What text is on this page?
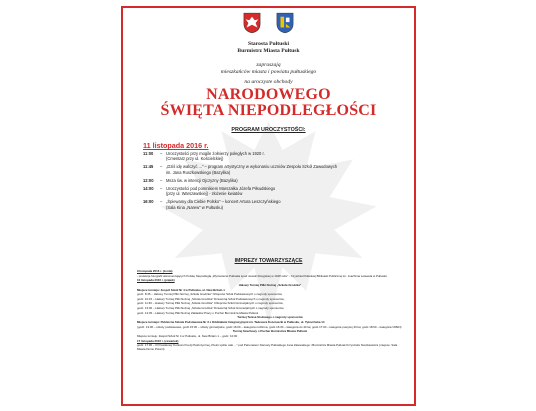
Starosta Pułtuski
Burmistrz Miasta Pułtusk
zapraszają
mieszkańców miasta i powiatu pułtuskiego
na uroczyste obchody
NARODOWEGO
ŚWIĘTA NIEPODLEGŁOŚCI
PROGRAM UROCZYSTOŚCI:
11 listopada 2016 r.
11:00	– Uroczystości przy mogile żołnierzy poległych w 1920 r.
(Cmentarz przy ul. Kościelckiej)
11:45	– „Dziś idę walczyć ..." – program artystyczny w wykonaniu uczniów Zespołu Szkół Zawodowych
im. Jana Ruszkowskiego (Bazylika)
12:00	– Msza św. w intencji Ojczyzny (Bazylika)
14:00	– Uroczystości pod pomnikiem Marszałka Józefa Piłsudskiego
(przy ul. Warszawskiej) - złożenie kwiatów
16:00	– „Śpiewamy dla Ciebie Polsko" – koncert Artura Leszczyńskiego
(Sala Kina „Narew" w Pułtusku)
IMPREZY TOWARZYSZĄCE

9 listopada 2016 r. (środa)

- prelekcja fotografii dokumentujących Polskę Niepodległą „Wyzwolenie Pułtuska spod niewoli Rosyjskiej w 1918 roku" - Czytelnia Pułtuskiej Biblioteki Publicznej im. Joachima Lelewela w Pułtusku

10 listopada 2016 r. (piątek)

Halowy Turniej Piłki Nożnej „Szkoła Grodzka"

Miejsce turnieju: Zespół Szkół Nr 4 w Pułtusku, ul. New Britain 1

godz. 8:45 – Halowy Turniej Piłki Nożnej „Szkoła Grodzka" Chłopców Szkół Podstawowych o nagrody sponsorów,

godz. 10:15 – Halowy Turniej Piłki Nożnej „Szkoła Grodzka" Dziewcząt Szkół Podstawowych o nagrody sponsorów,

godz. 11:30 – Halowy Turniej Piłki Nożnej „Szkoła Grodzka" Chłopców Szkół Gimnazjalnych o nagrody sponsorów,

godz. 13:00 – Halowy Turniej Piłki Nożnej „Szkoła Grodzka" Dziewcząt Szkół Gimnazjalnych o nagrody sponsorów,

godz. 14:45 – Halowy Turniej Piłki Nożnej Zakładów Pracy o Puchar Burmistrza Miasta Pułtusk

Turniej Tenisa Stołowego o nagrody sponsorów

Miejsce turnieju: Publiczna Szkoła Podstawowa Nr 3 z Oddziałami Integracyjnymi im. Tadeusza Kościuszki w Pułtusku, ul. Tykocińska 14

(godz. 13:00 – szkoły podstawowe, godz.15:30 – szkoły gimnazjalne, godz.16:00 – kategoria rodzinna, godz.16:30 – kategoria do 40 lat, godz.17:00 – kategoria powyżej 40 lat, godz.18:00 – kategoria OPEN)

Turniej Szachowy o Puchar Burmistrza Miasta Pułtusk

Miejsce turnieju: Zespół Szkół Nr 4 w Pułtusku, ul. New Britain 1 – godz. 10:00

17 listopada 2016 r. (czwartek)

godz. 17:00 – III Powiatowy Konkurs Poezji Patriotycznej „Pieśń ujdzie cało ..." pod Patronatem Starosty Pułtuskiego Jana Zalewskiego i Burmistrza Miasta Pułtusk Krzysztofa Nuszkiewicza (miejsce: Sala Miasta Domu Polonii)
